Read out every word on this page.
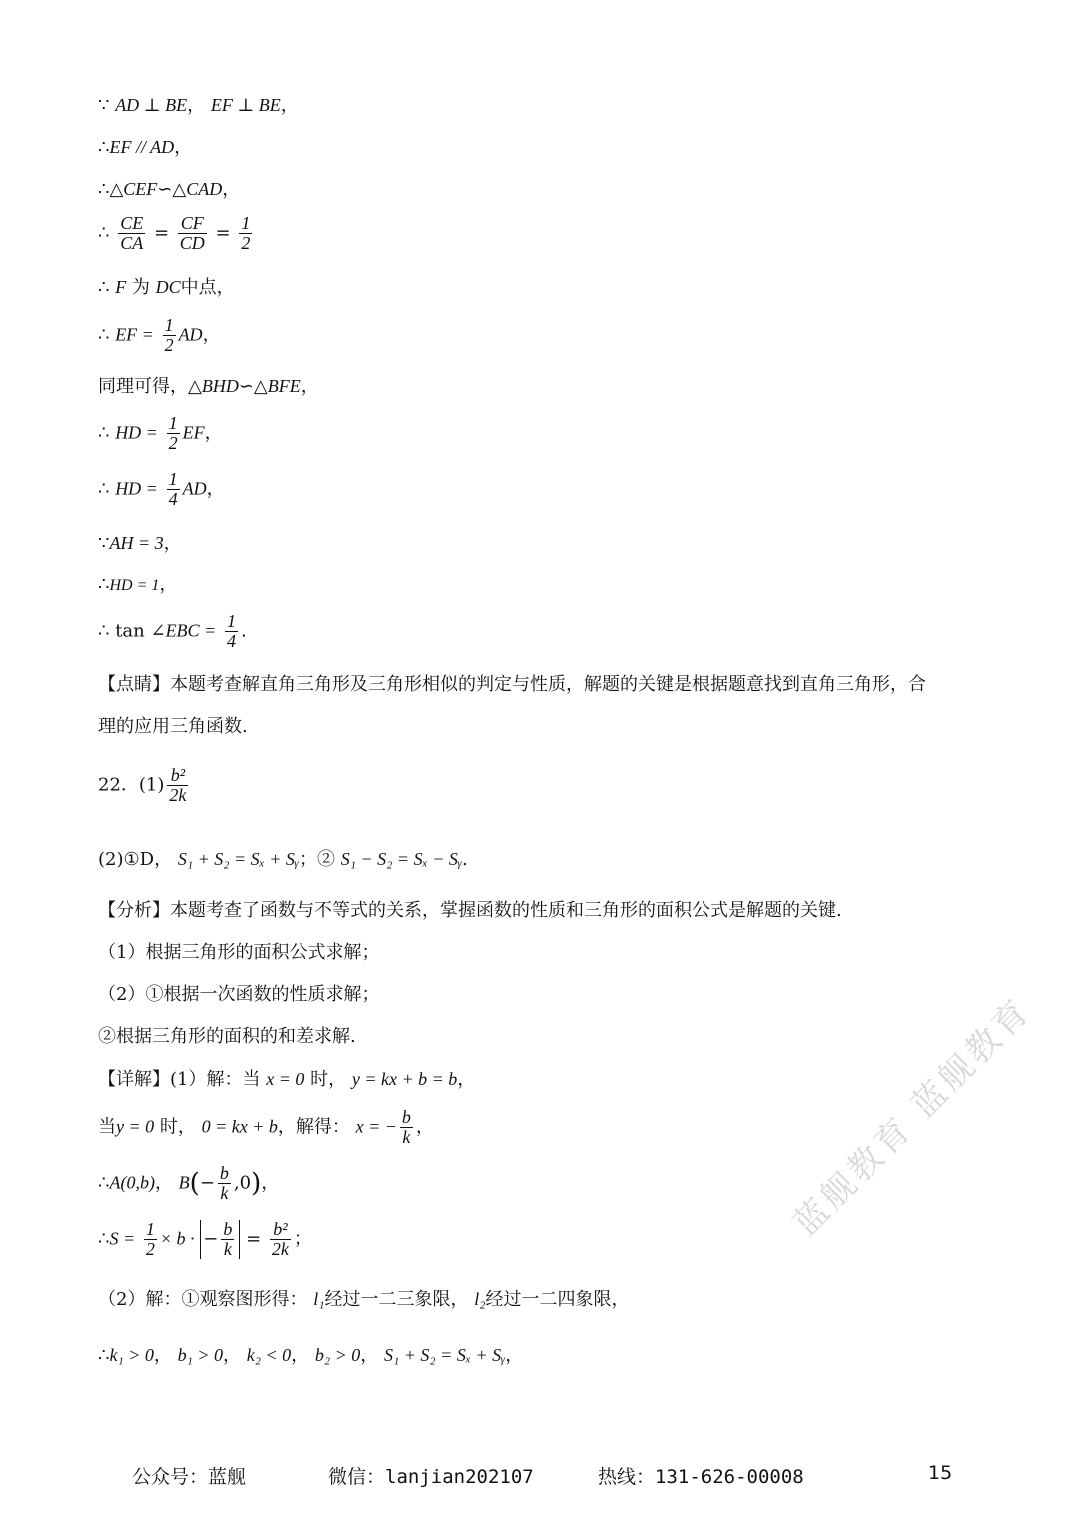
∵ AD ⊥ BE， EF ⊥ BE，
∴EF // AD，
∴△CEF∽△CAD，
∴ $\frac{CE}{CA} = \frac{CF}{CD} = \frac{1}{2}$
∴ F 为 DC中点，
∴ EF = $\frac{1}{2}$ AD，
同理可得，△BHD∽△BFE，
∴ HD = $\frac{1}{2}$ EF，
∴ HD = $\frac{1}{4}$ AD，
∵AH = 3，
∴HD = 1，
∴ tan ∠EBC = $\frac{1}{4}$ .
【点睛】本题考查解直角三角形及三角形相似的判定与性质，解题的关键是根据题意找到直角三角形，合
理的应用三角函数.
22．$(1) \frac{\text{b²}}{2k}$
(2)①D， S₁ + S₂ = Sₓ + Sᵧ；② S₁ − S₂ = Sₓ − Sᵧ.
【分析】本题考查了函数与不等式的关系，掌握函数的性质和三角形的面积公式是解题的关键.
（1）根据三角形的面积公式求解；
（2）①根据一次函数的性质求解；
②根据三角形的面积的和差求解.
【详解】(1）解：当 x = 0 时， y = kx + b = b，
当y = 0 时， 0 = kx + b，解得： x = − $\frac{b}{k}$ ，
∴A(0,b)， $B(- \frac{b}{k} ,0)$，
∴S = $\frac{1}{2} \times b$ · − $\frac{b}{k} = \frac{\text{b²}}{2k}$ ；
（2）解：①观察图形得： l₁经过一二三象限， l₂经过一二四象限，
∴k₁ > 0， b₁ > 0， k₂ < 0， b₂ > 0， S₁ + S₂ = Sₓ + Sᵧ，
蓝舰教育 蓝舰教育
公众号：蓝舰	微信：lanjian202107	热线：131-626-00008	15
